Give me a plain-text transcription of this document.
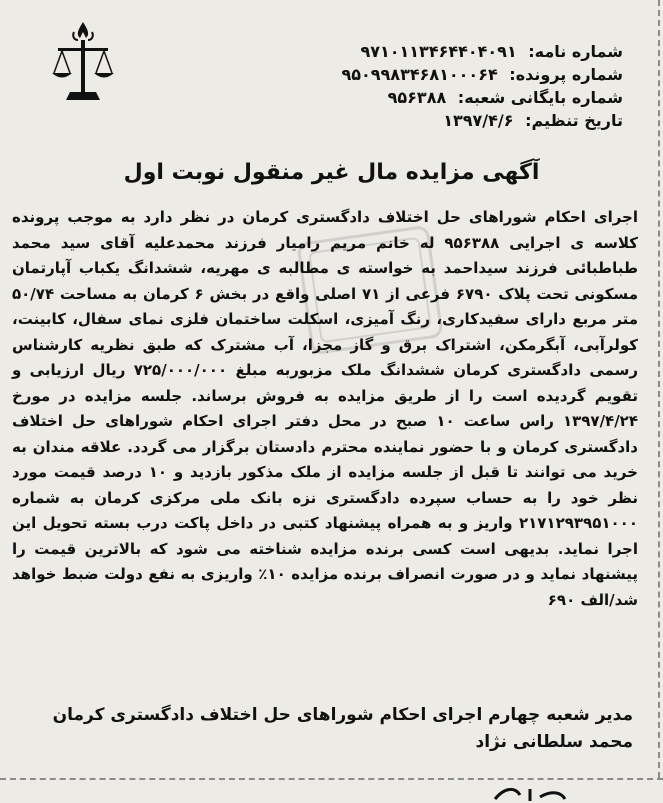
شماره نامه: ۹۷۱۰۱۱۳۴۶۴۴۰۴۰۹۱
شماره پرونده: ۹۵۰۹۹۸۳۴۶۸۱۰۰۰۶۴
شماره بایگانی شعبه: ۹۵۶۳۸۸
تاریخ تنظیم: ۱۳۹۷/۴/۶
آگهی مزایده مال غیر منقول نوبت اول
اجرای احکام شوراهای حل اختلاف دادگستری کرمان در نظر دارد به موجب پرونده کلاسه ی اجرایی ۹۵۶۳۸۸ له خانم مریم رامیار فرزند محمدعلیه آقای سید محمد طباطبائی فرزند سیداحمد به خواسته ی مطالبه ی مهریه، ششدانگ یکباب آپارتمان مسکونی تحت پلاک ۶۷۹۰ فرعی از ۷۱ اصلی واقع در بخش ۶ کرمان به مساحت ۵۰/۷۴ متر مربع دارای سفیدکاری، رنگ آمیزی، اسکلت ساختمان فلزی نمای سفال، کابینت، کولرآبی، آبگرمکن، اشتراک برق و گاز مجزا، آب مشترک که طبق نظریه کارشناس رسمی دادگستری کرمان ششدانگ ملک مزبوربه مبلغ ۷۲۵/۰۰۰/۰۰۰ ریال ارزیابی و تقویم گردیده است را از طریق مزایده به فروش برساند. جلسه مزایده در مورخ ۱۳۹۷/۴/۲۴ راس ساعت ۱۰ صبح در محل دفتر اجرای احکام شوراهای حل اختلاف دادگستری کرمان و با حضور نماینده محترم دادستان برگزار می گردد. علاقه مندان به خرید می توانند تا قبل از جلسه مزایده از ملک مذکور بازدید و ۱۰ درصد قیمت مورد نظر خود را به حساب سپرده دادگستری نزه بانک ملی مرکزی کرمان به شماره ۲۱۷۱۲۹۳۹۵۱۰۰۰ واریز و به همراه پیشنهاد کتبی در داخل پاکت درب بسته تحویل این اجرا نماید. بدیهی است کسی برنده مزایده شناخته می شود که بالاترین قیمت را پیشنهاد نماید و در صورت انصراف برنده مزایده ۱۰٪ واریزی به نفع دولت ضبط خواهد شد/الف ۶۹۰
مدیر شعبه چهارم اجرای احکام شوراهای حل اختلاف دادگستری کرمان
محمد سلطانی نژاد
